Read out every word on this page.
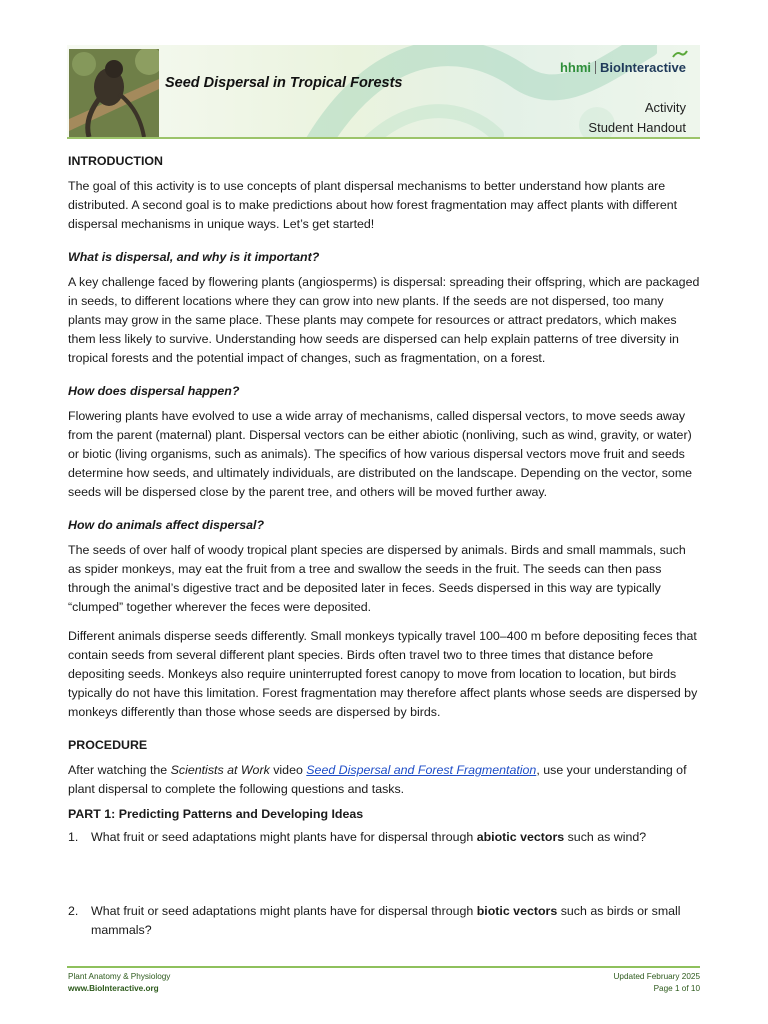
Seed Dispersal in Tropical Forests
hhmi BioInteractive
Activity
Student Handout

INTRODUCTION

The goal of this activity is to use concepts of plant dispersal mechanisms to better understand how plants are distributed. A second goal is to make predictions about how forest fragmentation may affect plants with different dispersal mechanisms in unique ways. Let’s get started!

What is dispersal, and why is it important?

A key challenge faced by flowering plants (angiosperms) is dispersal: spreading their offspring, which are packaged in seeds, to different locations where they can grow into new plants. If the seeds are not dispersed, too many plants may grow in the same place. These plants may compete for resources or attract predators, which makes them less likely to survive. Understanding how seeds are dispersed can help explain patterns of tree diversity in tropical forests and the potential impact of changes, such as fragmentation, on a forest.

How does dispersal happen?

Flowering plants have evolved to use a wide array of mechanisms, called dispersal vectors, to move seeds away from the parent (maternal) plant. Dispersal vectors can be either abiotic (nonliving, such as wind, gravity, or water) or biotic (living organisms, such as animals). The specifics of how various dispersal vectors move fruit and seeds determine how seeds, and ultimately individuals, are distributed on the landscape. Depending on the vector, some seeds will be dispersed close by the parent tree, and others will be moved further away.

How do animals affect dispersal?

The seeds of over half of woody tropical plant species are dispersed by animals. Birds and small mammals, such as spider monkeys, may eat the fruit from a tree and swallow the seeds in the fruit. The seeds can then pass through the animal’s digestive tract and be deposited later in feces. Seeds dispersed in this way are typically “clumped” together wherever the feces were deposited.

Different animals disperse seeds differently. Small monkeys typically travel 100–400 m before depositing feces that contain seeds from several different plant species. Birds often travel two to three times that distance before depositing seeds. Monkeys also require uninterrupted forest canopy to move from location to location, but birds typically do not have this limitation. Forest fragmentation may therefore affect plants whose seeds are dispersed by monkeys differently than those whose seeds are dispersed by birds.

PROCEDURE

After watching the Scientists at Work video Seed Dispersal and Forest Fragmentation, use your understanding of plant dispersal to complete the following questions and tasks.

PART 1: Predicting Patterns and Developing Ideas

1.	What fruit or seed adaptations might plants have for dispersal through abiotic vectors such as wind?
2.	What fruit or seed adaptations might plants have for dispersal through biotic vectors such as birds or small mammals?
Plant Anatomy & Physiology
www.BioInteractive.org
Updated February 2025
Page 1 of 10
